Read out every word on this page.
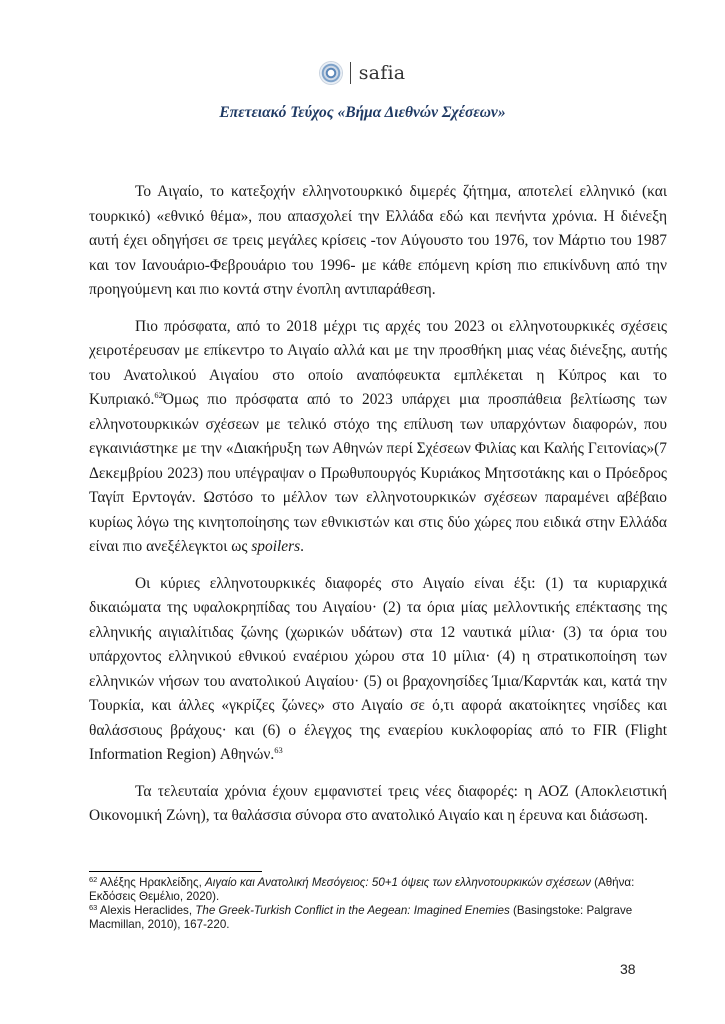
safia
Επετειακό Τεύχος «Βήμα Διεθνών Σχέσεων»

Το Αιγαίο, το κατεξοχήν ελληνοτουρκικό διμερές ζήτημα, αποτελεί ελληνικό (και τουρκικό) «εθνικό θέμα», που απασχολεί την Ελλάδα εδώ και πενήντα χρόνια. Η διένεξη αυτή έχει οδηγήσει σε τρεις μεγάλες κρίσεις -τον Αύγουστο του 1976, τον Μάρτιο του 1987 και τον Ιανουάριο-Φεβρουάριο του 1996- με κάθε επόμενη κρίση πιο επικίνδυνη από την προηγούμενη και πιο κοντά στην ένοπλη αντιπαράθεση.

Πιο πρόσφατα, από το 2018 μέχρι τις αρχές του 2023 οι ελληνοτουρκικές σχέσεις χειροτέρευσαν με επίκεντρο το Αιγαίο αλλά και με την προσθήκη μιας νέας διένεξης, αυτής του Ανατολικού Αιγαίου στο οποίο αναπόφευκτα εμπλέκεται η Κύπρος και το Κυπριακό.$^{62}$Όμως πιο πρόσφατα από το 2023 υπάρχει μια προσπάθεια βελτίωσης των ελληνοτουρκικών σχέσεων με τελικό στόχο της επίλυση των υπαρχόντων διαφορών, που εγκαινιάστηκε με την «Διακήρυξη των Αθηνών περί Σχέσεων Φιλίας και Καλής Γειτονίας»(7 Δεκεμβρίου 2023) που υπέγραψαν ο Πρωθυπουργός Κυριάκος Μητσοτάκης και ο Πρόεδρος Ταγίπ Ερντογάν. Ωστόσο το μέλλον των ελληνοτουρκικών σχέσεων παραμένει αβέβαιο κυρίως λόγω της κινητοποίησης των εθνικιστών και στις δύο χώρες που ειδικά στην Ελλάδα είναι πιο ανεξέλεγκτοι ως spoilers.

Οι κύριες ελληνοτουρκικές διαφορές στο Αιγαίο είναι έξι: (1) τα κυριαρχικά δικαιώματα της υφαλοκρηπίδας του Αιγαίου· (2) τα όρια μίας μελλοντικής επέκτασης της ελληνικής αιγιαλίτιδας ζώνης (χωρικών υδάτων) στα 12 ναυτικά μίλια· (3) τα όρια του υπάρχοντος ελληνικού εθνικού εναέριου χώρου στα 10 μίλια· (4) η στρατικοποίηση των ελληνικών νήσων του ανατολικού Αιγαίου· (5) οι βραχονησίδες Ίμια/Καρντάκ και, κατά την Τουρκία, και άλλες «γκρίζες ζώνες» στο Αιγαίο σε ό,τι αφορά ακατοίκητες νησίδες και θαλάσσιους βράχους· και (6) ο έλεγχος της εναερίου κυκλοφορίας από το FIR (Flight Information Region) Αθηνών.$^{63}$

Τα τελευταία χρόνια έχουν εμφανιστεί τρεις νέες διαφορές: η ΑΟΖ (Αποκλειστική Οικονομική Ζώνη), τα θαλάσσια σύνορα στο ανατολικό Αιγαίο και η έρευνα και διάσωση.

$^{62}$ Αλέξης Ηρακλείδης, Αιγαίο και Ανατολική Μεσόγειος: 50+1 όψεις των ελληνοτουρκικών σχέσεων (Αθήνα: Εκδόσεις Θεμέλιο, 2020).

$^{63}$ Alexis Heraclides, The Greek-Turkish Conflict in the Aegean: Imagined Enemies (Basingstoke: Palgrave Macmillan, 2010), 167-220.

38
